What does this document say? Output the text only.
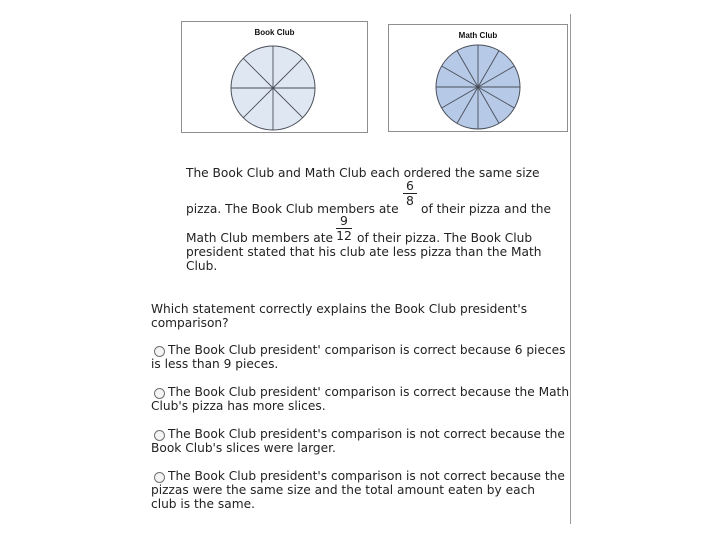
Book Club	Math Club
The Book Club and Math Club each ordered the same size
6
8
pizza. The Book Club members ate of their pizza and the
9
12
Math Club members ate of their pizza. The Book Club
president stated that his club ate less pizza than the Math
Club.
Which statement correctly explains the Book Club president's
comparison?
The Book Club president' comparison is correct because 6 pieces
is less than 9 pieces.
The Book Club president' comparison is correct because the Math
Club's pizza has more slices.
The Book Club president's comparison is not correct because the
Book Club's slices were larger.
The Book Club president's comparison is not correct because the
pizzas were the same size and the total amount eaten by each
club is the same.
